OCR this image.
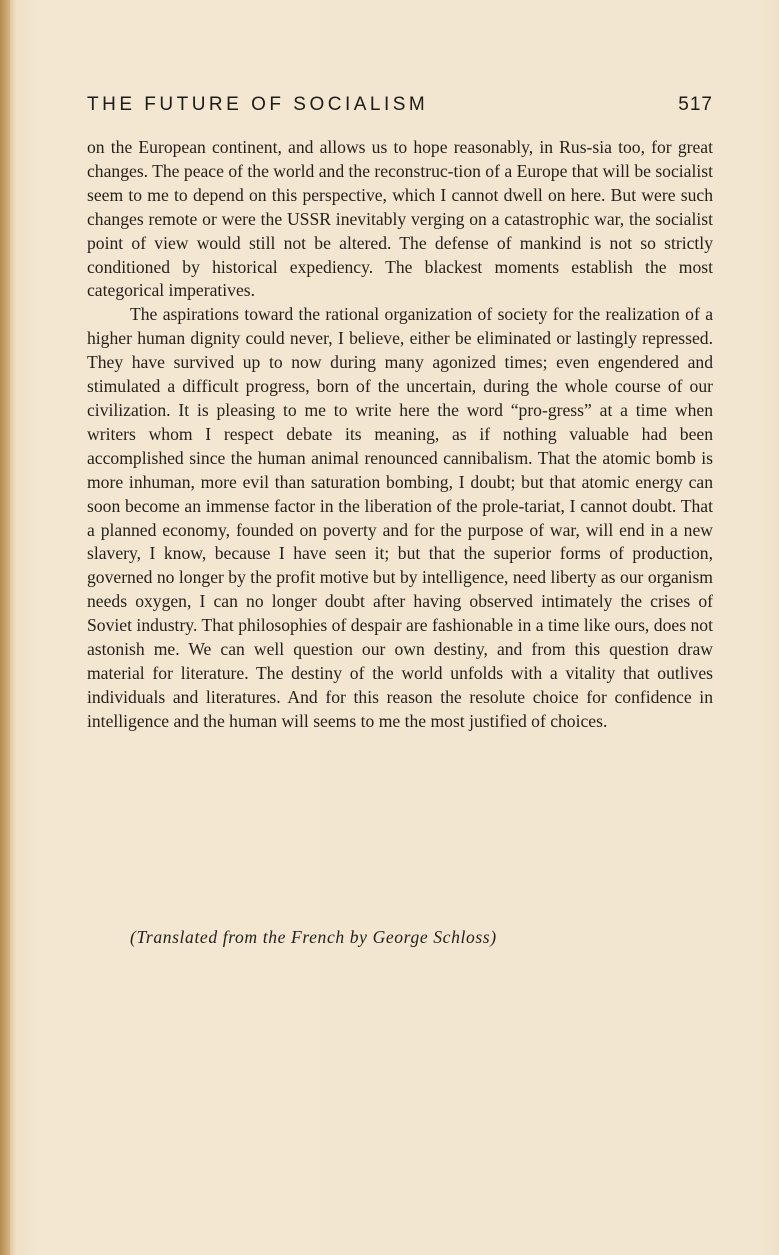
THE FUTURE OF SOCIALISM	517

on the European continent, and allows us to hope reasonably, in Rus-sia too, for great changes. The peace of the world and the reconstruc-tion of a Europe that will be socialist seem to me to depend on this perspective, which I cannot dwell on here. But were such changes remote or were the USSR inevitably verging on a catastrophic war, the socialist point of view would still not be altered. The defense of mankind is not so strictly conditioned by historical expediency. The blackest moments establish the most categorical imperatives.

The aspirations toward the rational organization of society for the realization of a higher human dignity could never, I believe, either be eliminated or lastingly repressed. They have survived up to now during many agonized times; even engendered and stimulated a difficult progress, born of the uncertain, during the whole course of our civilization. It is pleasing to me to write here the word “pro-gress” at a time when writers whom I respect debate its meaning, as if nothing valuable had been accomplished since the human animal renounced cannibalism. That the atomic bomb is more inhuman, more evil than saturation bombing, I doubt; but that atomic energy can soon become an immense factor in the liberation of the prole-tariat, I cannot doubt. That a planned economy, founded on poverty and for the purpose of war, will end in a new slavery, I know, because I have seen it; but that the superior forms of production, governed no longer by the profit motive but by intelligence, need liberty as our organism needs oxygen, I can no longer doubt after having observed intimately the crises of Soviet industry. That philosophies of despair are fashionable in a time like ours, does not astonish me. We can well question our own destiny, and from this question draw material for literature. The destiny of the world unfolds with a vitality that outlives individuals and literatures. And for this reason the resolute choice for confidence in intelligence and the human will seems to me the most justified of choices.

(Translated from the French by George Schloss)
